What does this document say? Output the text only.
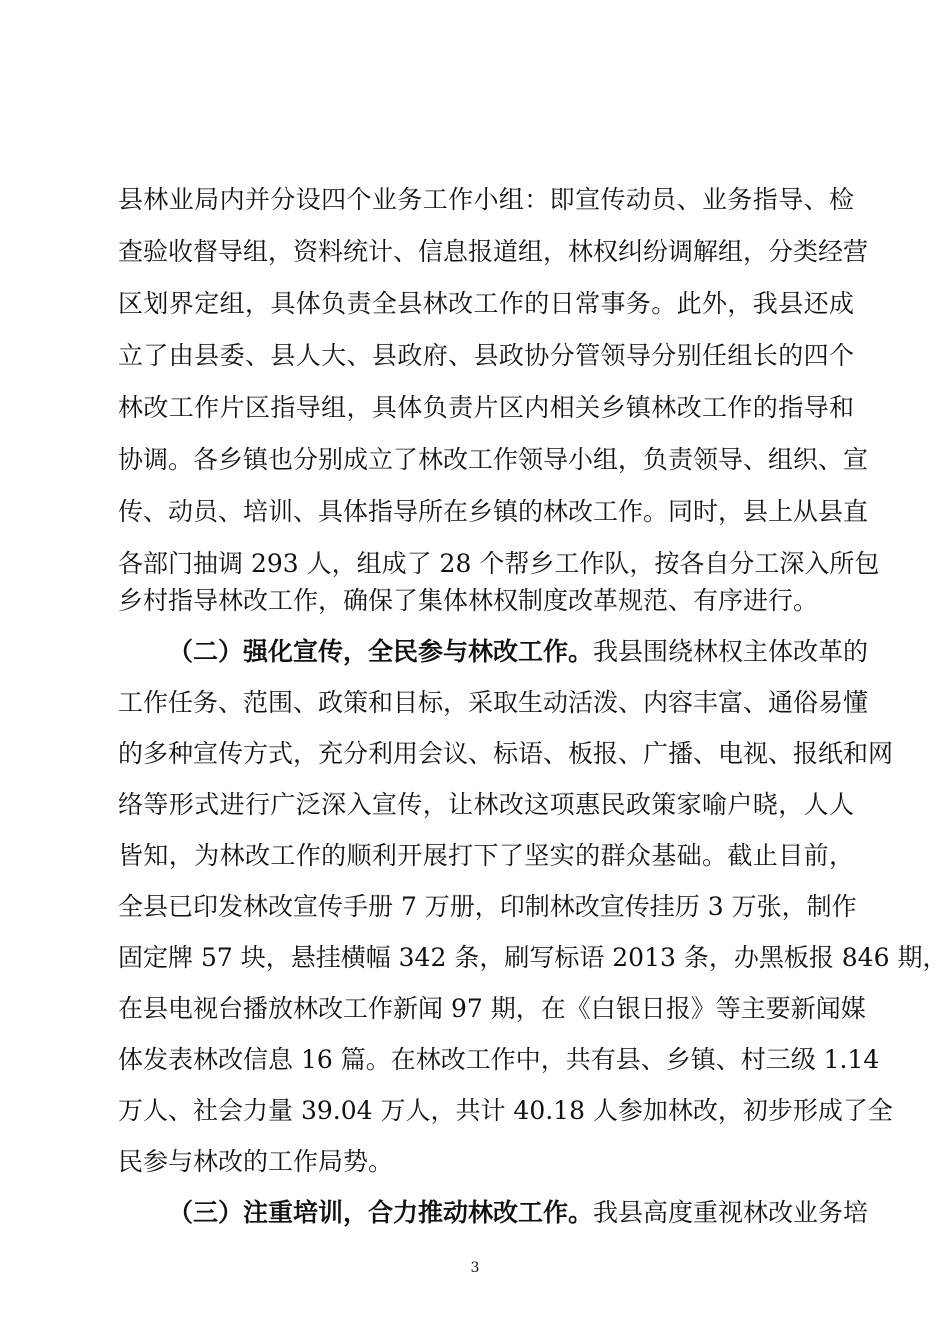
县林业局内并分设四个业务工作小组：即宣传动员、业务指导、检
查验收督导组，资料统计、信息报道组，林权纠纷调解组，分类经营
区划界定组，具体负责全县林改工作的日常事务。此外，我县还成
立了由县委、县人大、县政府、县政协分管领导分别任组长的四个
林改工作片区指导组，具体负责片区内相关乡镇林改工作的指导和
协调。各乡镇也分别成立了林改工作领导小组，负责领导、组织、宣
传、动员、培训、具体指导所在乡镇的林改工作。同时，县上从县直
各部门抽调 293 人，组成了 28 个帮乡工作队，按各自分工深入所包
乡村指导林改工作，确保了集体林权制度改革规范、有序进行。
（二）强化宣传，全民参与林改工作。我县围绕林权主体改革的
工作任务、范围、政策和目标，采取生动活泼、内容丰富、通俗易懂
的多种宣传方式，充分利用会议、标语、板报、广播、电视、报纸和网
络等形式进行广泛深入宣传，让林改这项惠民政策家喻户晓，人人
皆知，为林改工作的顺利开展打下了坚实的群众基础。截止目前，
全县已印发林改宣传手册 7 万册，印制林改宣传挂历 3 万张，制作
固定牌 57 块，悬挂横幅 342 条，刷写标语 2013 条，办黑板报 846 期，
在县电视台播放林改工作新闻 97 期，在《白银日报》等主要新闻媒
体发表林改信息 16 篇。在林改工作中，共有县、乡镇、村三级 1.14
万人、社会力量 39.04 万人，共计 40.18 人参加林改，初步形成了全
民参与林改的工作局势。
（三）注重培训，合力推动林改工作。我县高度重视林改业务培
3
